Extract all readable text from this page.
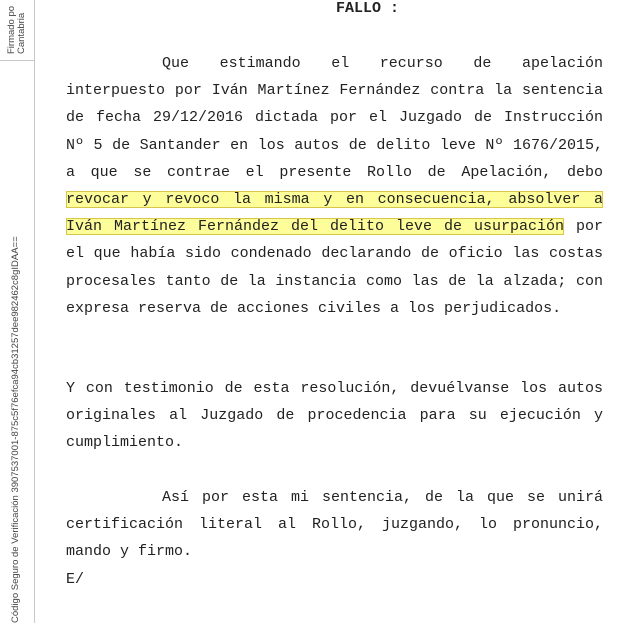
Firmado po Cantabria
Código Seguro de Verificación 3907537001-875c5f76efca94cb31257dee982462c8gIDAA==
FALLO :

Que estimando el recurso de apelación interpuesto por Iván Martínez Fernández contra la sentencia de fecha 29/12/2016 dictada por el Juzgado de Instrucción Nº 5 de Santander en los autos de delito leve Nº 1676/2015, a que se contrae el presente Rollo de Apelación, debo revocar y revoco la misma y en consecuencia, absolver a Iván Martínez Fernández del delito leve de usurpación por el que había sido condenado declarando de oficio las costas procesales tanto de la instancia como las de la alzada; con expresa reserva de acciones civiles a los perjudicados.

Y con testimonio de esta resolución, devuélvanse los autos originales al Juzgado de procedencia para su ejecución y cumplimiento.

Así por esta mi sentencia, de la que se unirá certificación literal al Rollo, juzgando, lo pronuncio, mando y firmo.
E/
